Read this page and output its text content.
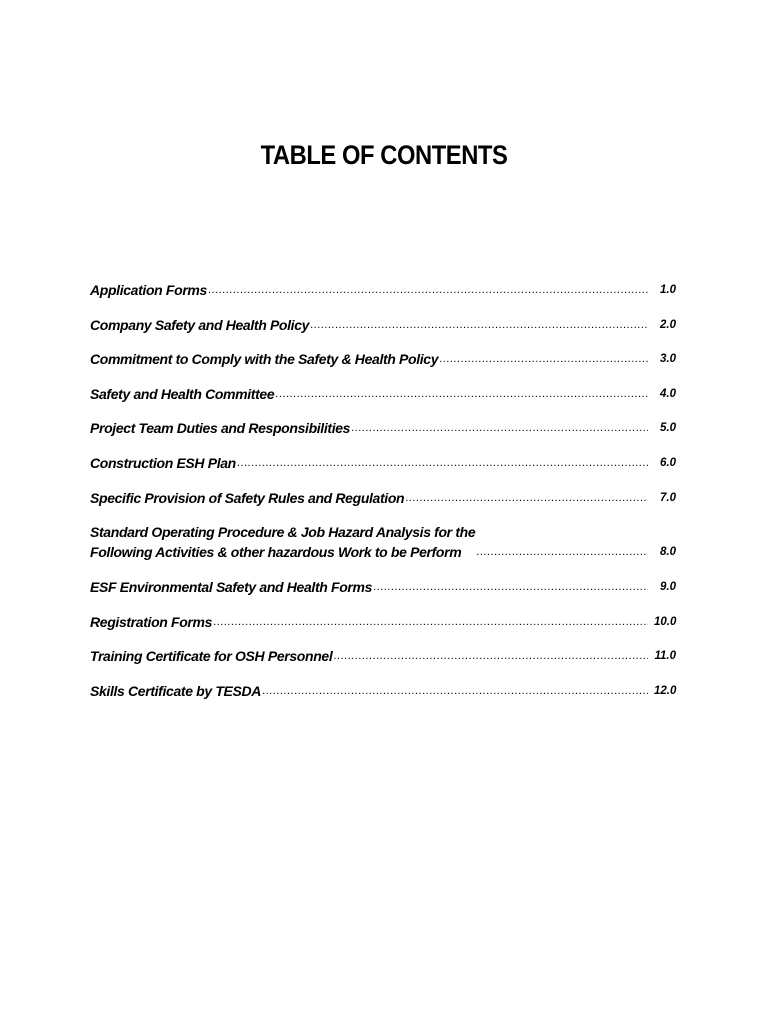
TABLE OF CONTENTS
Application Forms .....	1.0
Company Safety and Health Policy .....	2.0
Commitment to Comply with the Safety & Health Policy .....	3.0
Safety and Health Committee .....	4.0
Project Team Duties and Responsibilities .....	5.0
Construction ESH Plan .....	6.0
Specific Provision of Safety Rules and Regulation .....	7.0
Standard Operating Procedure & Job Hazard Analysis for the
Following Activities & other hazardous Work to be Perform .....	8.0
ESF Environmental Safety and Health Forms .....	9.0
Registration Forms .....	10.0
Training Certificate for OSH Personnel .....	11.0
Skills Certificate by TESDA .....	12.0
